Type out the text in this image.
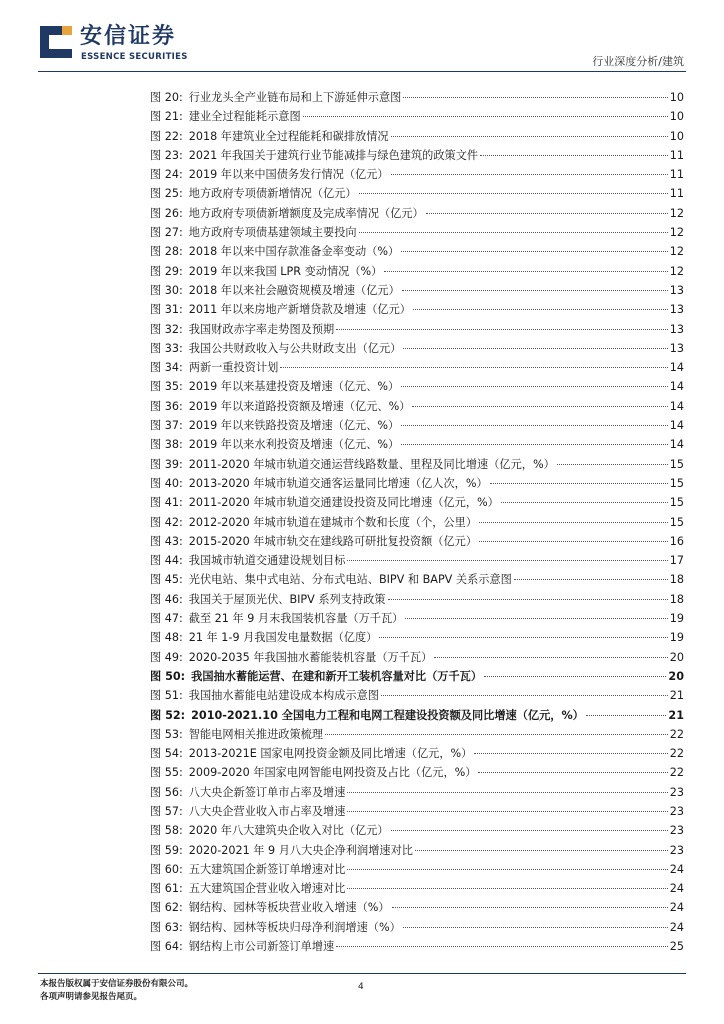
安信证券
ESSENCE SECURITIES	行业深度分析/建筑
图 20: 行业龙头全产业链布局和上下游延伸示意图	10
图 21: 建业全过程能耗示意图	10
图 22: 2018 年建筑业全过程能耗和碳排放情况	10
图 23: 2021 年我国关于建筑行业节能减排与绿色建筑的政策文件	11
图 24: 2019 年以来中国债务发行情况（亿元）	11
图 25: 地方政府专项债新增情况（亿元）	11
图 26: 地方政府专项债新增额度及完成率情况（亿元）	12
图 27: 地方政府专项债基建领域主要投向	12
图 28: 2018 年以来中国存款准备金率变动（%）	12
图 29: 2019 年以来我国 LPR 变动情况（%）	12
图 30: 2018 年以来社会融资规模及增速（亿元）	13
图 31: 2011 年以来房地产新增贷款及增速（亿元）	13
图 32: 我国财政赤字率走势图及预期	13
图 33: 我国公共财政收入与公共财政支出（亿元）	13
图 34: 两新一重投资计划	14
图 35: 2019 年以来基建投资及增速（亿元、%）	14
图 36: 2019 年以来道路投资额及增速（亿元、%）	14
图 37: 2019 年以来铁路投资及增速（亿元、%）	14
图 38: 2019 年以来水利投资及增速（亿元、%）	14
图 39: 2011-2020 年城市轨道交通运营线路数量、里程及同比增速（亿元，%）	15
图 40: 2013-2020 年城市轨道交通客运量同比增速（亿人次，%）	15
图 41: 2011-2020 年城市轨道交通建设投资及同比增速（亿元，%）	15
图 42: 2012-2020 年城市轨道在建城市个数和长度（个，公里）	15
图 43: 2015-2020 年城市轨交在建线路可研批复投资额（亿元）	16
图 44: 我国城市轨道交通建设规划目标	17
图 45: 光伏电站、集中式电站、分布式电站、BIPV 和 BAPV 关系示意图	18
图 46: 我国关于屋顶光伏、BIPV 系列支持政策	18
图 47: 截至 21 年 9 月末我国装机容量（万千瓦）	19
图 48: 21 年 1-9 月我国发电量数据（亿度）	19
图 49: 2020-2035 年我国抽水蓄能装机容量（万千瓦）	20
图 50: 我国抽水蓄能运营、在建和新开工装机容量对比（万千瓦）	20
图 51: 我国抽水蓄能电站建设成本构成示意图	21
图 52: 2010-2021.10 全国电力工程和电网工程建设投资额及同比增速（亿元，%）	21
图 53: 智能电网相关推进政策梳理	22
图 54: 2013-2021E 国家电网投资金额及同比增速（亿元，%）	22
图 55: 2009-2020 年国家电网智能电网投资及占比（亿元，%）	22
图 56: 八大央企新签订单市占率及增速	23
图 57: 八大央企营业收入市占率及增速	23
图 58: 2020 年八大建筑央企收入对比（亿元）	23
图 59: 2020-2021 年 9 月八大央企净利润增速对比	23
图 60: 五大建筑国企新签订单增速对比	24
图 61: 五大建筑国企营业收入增速对比	24
图 62: 钢结构、园林等板块营业收入增速（%）	24
图 63: 钢结构、园林等板块归母净利润增速（%）	24
图 64: 钢结构上市公司新签订单增速	25
本报告版权属于安信证券股份有限公司。
各项声明请参见报告尾页。
4
